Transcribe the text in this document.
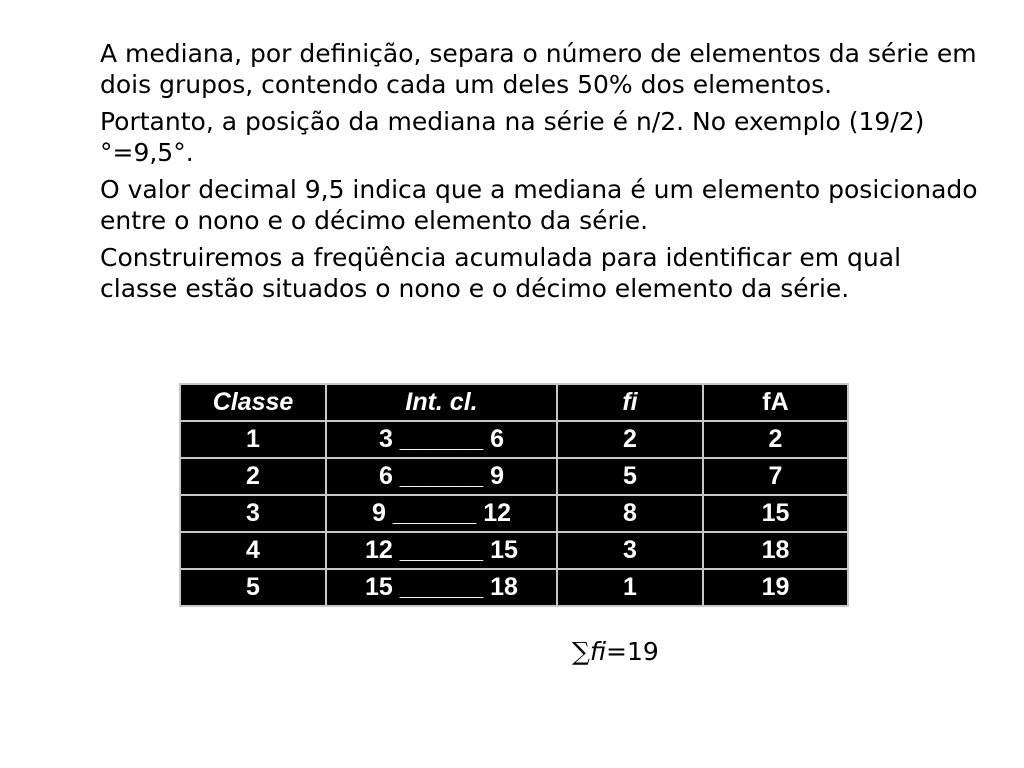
A mediana, por definição, separa o número de elementos da série em dois grupos, contendo cada um deles 50% dos elementos.

Portanto, a posição da mediana na série é n/2. No exemplo (19/2)°=9,5°.

O valor decimal 9,5 indica que a mediana é um elemento posicionado entre o nono e o décimo elemento da série.

Construiremos a freqüência acumulada para identificar em qual classe estão situados o nono e o décimo elemento da série.

Classe	Int. cl.	fi	fA
1	3 ______ 6	2	2
2	6 ______ 9	5	7
3	9 ______ 12	8	15
4	12 ______ 15	3	18
5	15 ______ 18	1	19
∑fi=19
